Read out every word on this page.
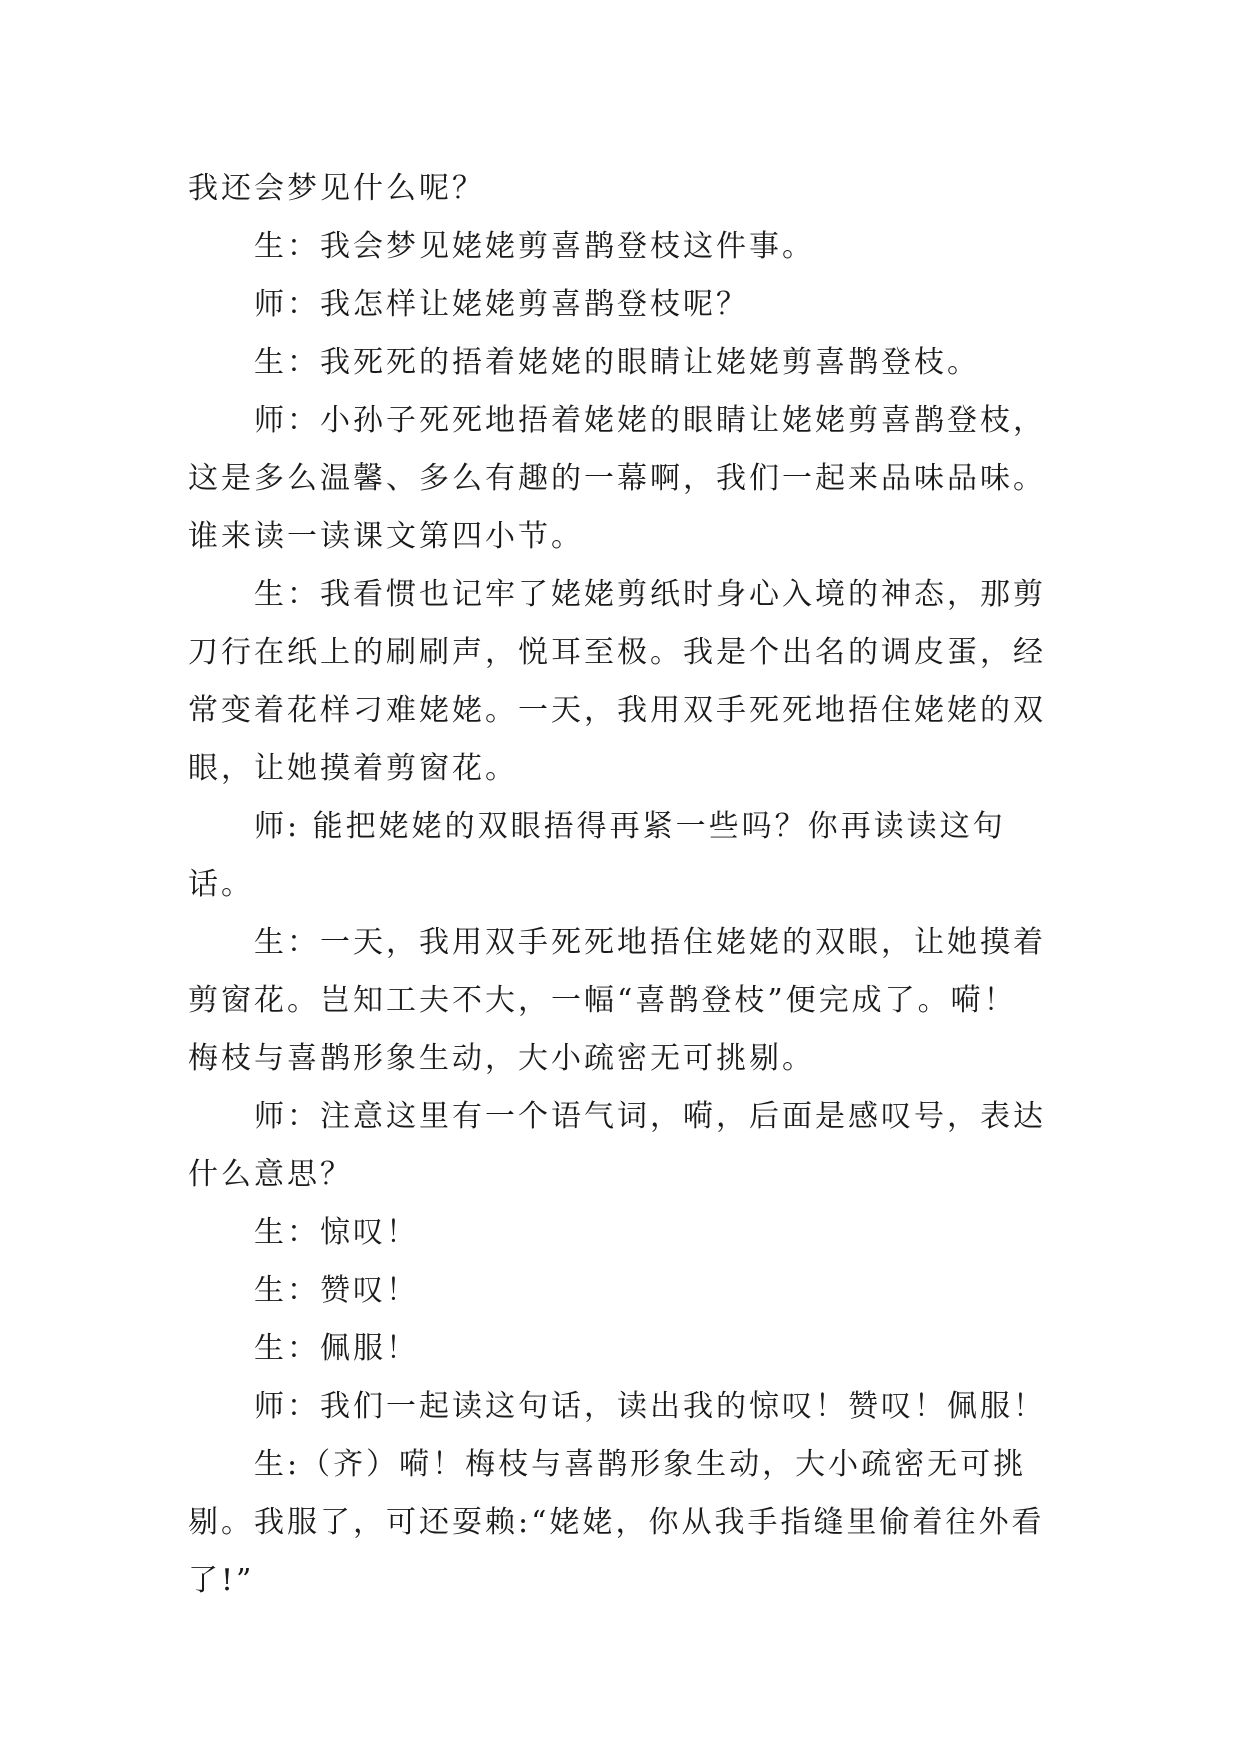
我还会梦见什么呢？

生：我会梦见姥姥剪喜鹊登枝这件事。

师：我怎样让姥姥剪喜鹊登枝呢？

生：我死死的捂着姥姥的眼睛让姥姥剪喜鹊登枝。

师：小孙子死死地捂着姥姥的眼睛让姥姥剪喜鹊登枝，这是多么温馨、多么有趣的一幕啊，我们一起来品味品味。谁来读一读课文第四小节。

生：我看惯也记牢了姥姥剪纸时身心入境的神态，那剪刀行在纸上的刷刷声，悦耳至极。我是个出名的调皮蛋，经常变着花样刁难姥姥。一天，我用双手死死地捂住姥姥的双眼，让她摸着剪窗花。

师: 能把姥姥的双眼捂得再紧一些吗？你再读读这句话。

生：一天，我用双手死死地捂住姥姥的双眼，让她摸着剪窗花。岂知工夫不大，一幅“喜鹊登枝”便完成了。嗬！梅枝与喜鹊形象生动，大小疏密无可挑剔。

师：注意这里有一个语气词，嗬，后面是感叹号，表达什么意思？

生：惊叹！

生：赞叹！

生：佩服！

师：我们一起读这句话，读出我的惊叹！赞叹！佩服！

生:（齐）嗬！梅枝与喜鹊形象生动，大小疏密无可挑剔。我服了，可还耍赖:“姥姥，你从我手指缝里偷着往外看了!”
